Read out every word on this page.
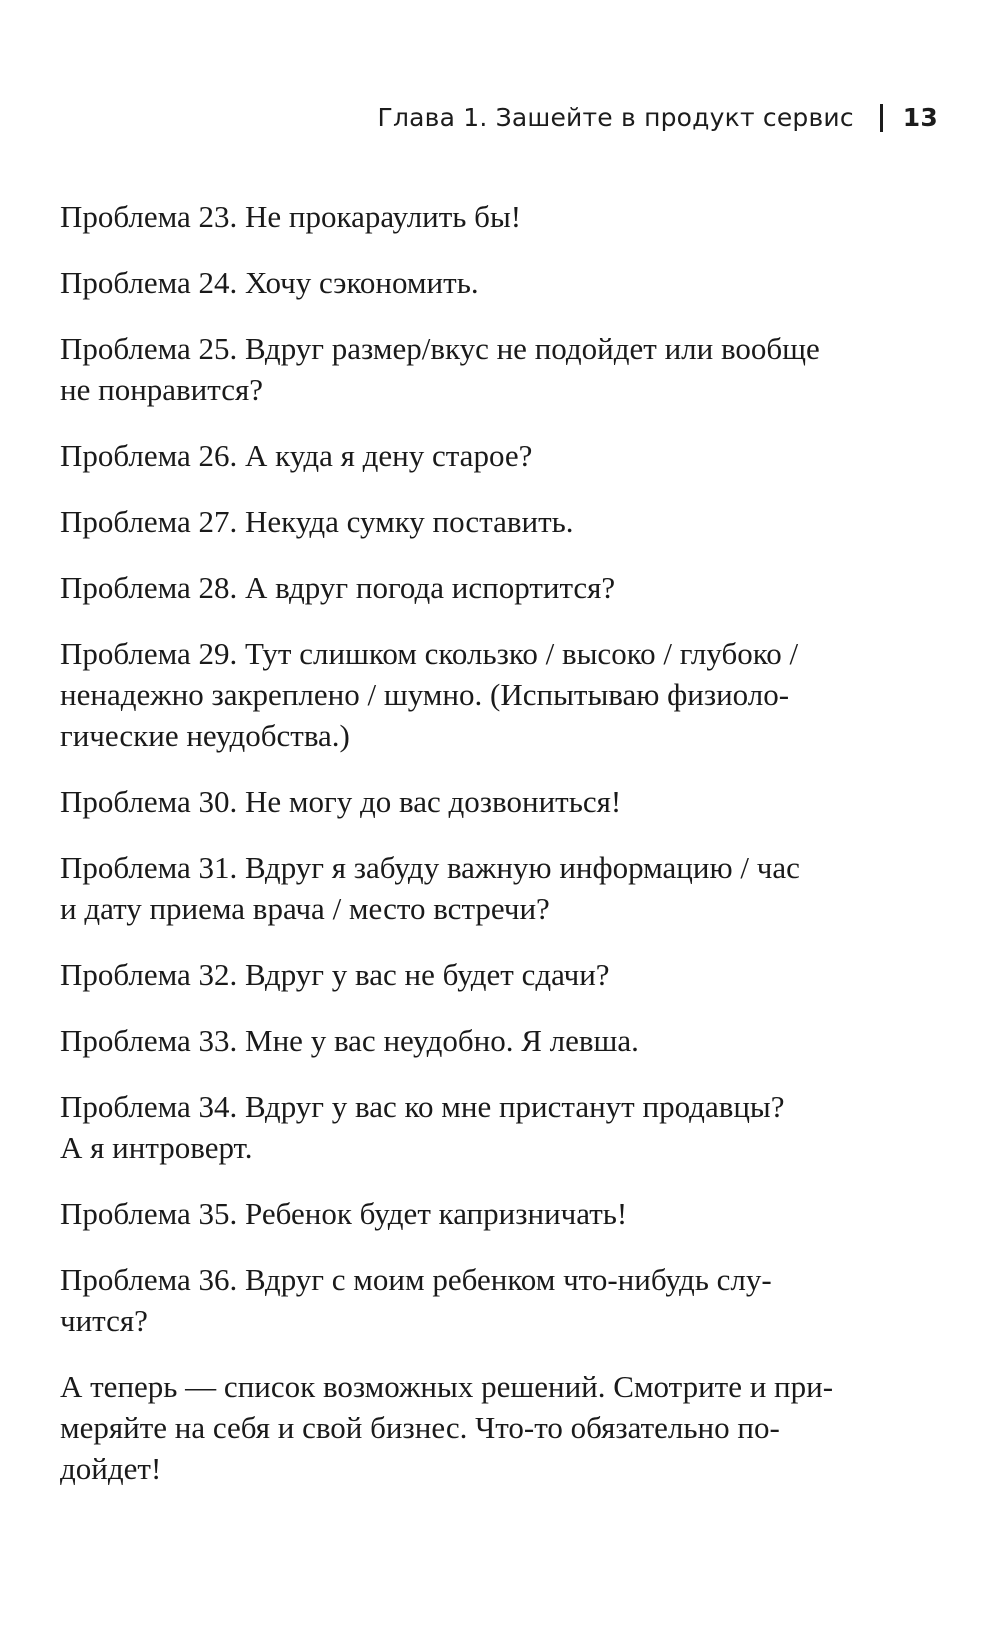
Глава 1. Зашейте в продукт сервис 13

Проблема 23. Не прокараулить бы!

Проблема 24. Хочу сэкономить.

Проблема 25. Вдруг размер/вкус не подойдет или вообще
не понравится?

Проблема 26. А куда я дену старое?

Проблема 27. Некуда сумку поставить.

Проблема 28. А вдруг погода испортится?

Проблема 29. Тут слишком скользко / высоко / глубоко /
ненадежно закреплено / шумно. (Испытываю физиоло-
гические неудобства.)

Проблема 30. Не могу до вас дозвониться!

Проблема 31. Вдруг я забуду важную информацию / час
и дату приема врача / место встречи?

Проблема 32. Вдруг у вас не будет сдачи?

Проблема 33. Мне у вас неудобно. Я левша.

Проблема 34. Вдруг у вас ко мне пристанут продавцы?
А я интроверт.

Проблема 35. Ребенок будет капризничать!

Проблема 36. Вдруг с моим ребенком что-нибудь слу-
чится?

А теперь — список возможных решений. Смотрите и при-
меряйте на себя и свой бизнес. Что-то обязательно по-
дойдет!
